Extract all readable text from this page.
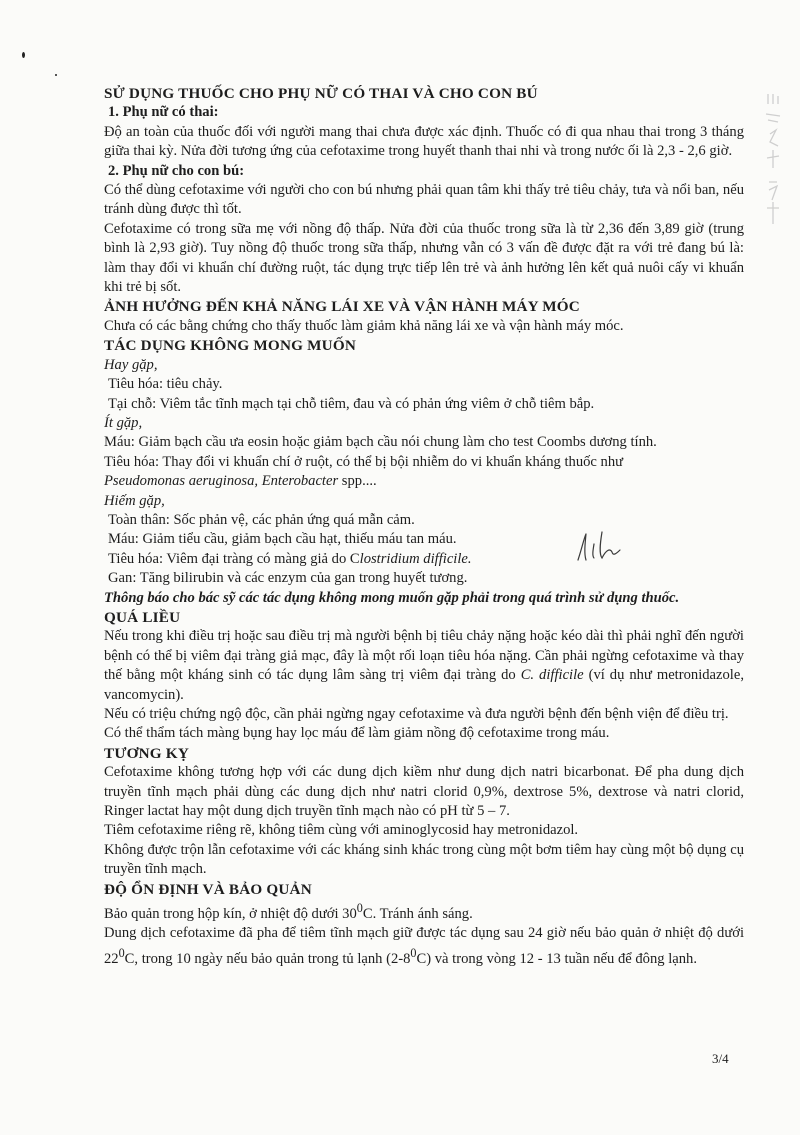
SỬ DỤNG THUỐC CHO PHỤ NỮ CÓ THAI VÀ CHO CON BÚ

1. Phụ nữ có thai:

Độ an toàn của thuốc đối với người mang thai chưa được xác định. Thuốc có đi qua nhau thai trong 3 tháng giữa thai kỳ. Nửa đời tương ứng của cefotaxime trong huyết thanh thai nhi và trong nước ối là 2,3 - 2,6 giờ.

2. Phụ nữ cho con bú:

Có thể dùng cefotaxime với người cho con bú nhưng phải quan tâm khi thấy trẻ tiêu chảy, tưa và nổi ban, nếu tránh dùng được thì tốt.

Cefotaxime có trong sữa mẹ với nồng độ thấp. Nửa đời của thuốc trong sữa là từ 2,36 đến 3,89 giờ (trung bình là 2,93 giờ). Tuy nồng độ thuốc trong sữa thấp, nhưng vẫn có 3 vấn đề được đặt ra với trẻ đang bú là: làm thay đổi vi khuẩn chí đường ruột, tác dụng trực tiếp lên trẻ và ảnh hưởng lên kết quả nuôi cấy vi khuẩn khi trẻ bị sốt.

ẢNH HƯỞNG ĐẾN KHẢ NĂNG LÁI XE VÀ VẬN HÀNH MÁY MÓC

Chưa có các bằng chứng cho thấy thuốc làm giảm khả năng lái xe và vận hành máy móc.

TÁC DỤNG KHÔNG MONG MUỐN

Hay gặp,

Tiêu hóa: tiêu chảy.

Tại chỗ: Viêm tắc tĩnh mạch tại chỗ tiêm, đau và có phản ứng viêm ở chỗ tiêm bắp.

Ít gặp,

Máu: Giảm bạch cầu ưa eosin hoặc giảm bạch cầu nói chung làm cho test Coombs dương tính.

Tiêu hóa: Thay đổi vi khuẩn chí ở ruột, có thể bị bội nhiễm do vi khuẩn kháng thuốc như
Pseudomonas aeruginosa, Enterobacter spp....

Hiếm gặp,

Toàn thân: Sốc phản vệ, các phản ứng quá mẫn cảm.

Máu: Giảm tiểu cầu, giảm bạch cầu hạt, thiếu máu tan máu.

Tiêu hóa: Viêm đại tràng có màng giả do Clostridium difficile.

Gan: Tăng bilirubin và các enzym của gan trong huyết tương.

Thông báo cho bác sỹ các tác dụng không mong muốn gặp phải trong quá trình sử dụng thuốc.

QUÁ LIỀU

Nếu trong khi điều trị hoặc sau điều trị mà người bệnh bị tiêu chảy nặng hoặc kéo dài thì phải nghĩ đến người bệnh có thể bị viêm đại tràng giả mạc, đây là một rối loạn tiêu hóa nặng. Cần phải ngừng cefotaxime và thay thế bằng một kháng sinh có tác dụng lâm sàng trị viêm đại tràng do C. difficile (ví dụ như metronidazole, vancomycin).

Nếu có triệu chứng ngộ độc, cần phải ngừng ngay cefotaxime và đưa người bệnh đến bệnh viện để điều trị.

Có thể thẩm tách màng bụng hay lọc máu để làm giảm nồng độ cefotaxime trong máu.

TƯƠNG KỴ

Cefotaxime không tương hợp với các dung dịch kiềm như dung dịch natri bicarbonat. Để pha dung dịch truyền tĩnh mạch phải dùng các dung dịch như natri clorid 0,9%, dextrose 5%, dextrose và natri clorid, Ringer lactat hay một dung dịch truyền tĩnh mạch nào có pH từ 5 – 7.

Tiêm cefotaxime riêng rẽ, không tiêm cùng với aminoglycosid hay metronidazol.

Không được trộn lẫn cefotaxime với các kháng sinh khác trong cùng một bơm tiêm hay cùng một bộ dụng cụ truyền tĩnh mạch.

ĐỘ ỔN ĐỊNH VÀ BẢO QUẢN

Bảo quản trong hộp kín, ở nhiệt độ dưới $30^0C$. Tránh ánh sáng.

Dung dịch cefotaxime đã pha để tiêm tĩnh mạch giữ được tác dụng sau 24 giờ nếu bảo quản ở nhiệt độ dưới $22^0C$, trong 10 ngày nếu bảo quản trong tủ lạnh $(2-8^0C)$ và trong vòng 12 - 13 tuần nếu để đông lạnh.

3/4
